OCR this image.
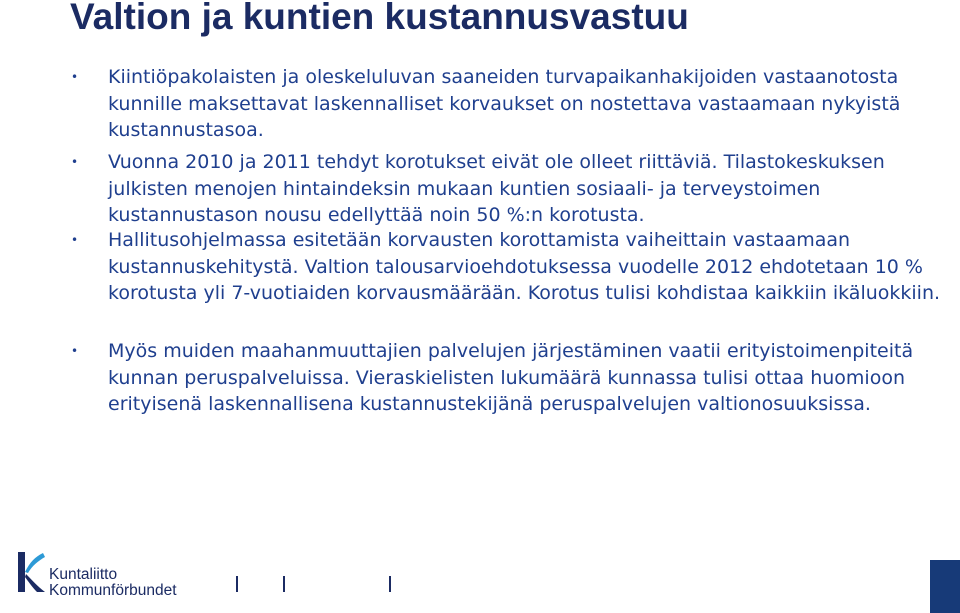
Valtion ja kuntien kustannusvastuu
• Kiintiöpakolaisten ja oleskeluluvan saaneiden turvapaikanhakijoiden vastaanotosta kunnille maksettavat laskennalliset korvaukset on nostettava vastaamaan nykyistä kustannustasoa.
• Vuonna 2010 ja 2011 tehdyt korotukset eivät ole olleet riittäviä. Tilastokeskuksen julkisten menojen hintaindeksin mukaan kuntien sosiaali- ja terveystoimen kustannustason nousu edellyttää noin 50 %:n korotusta.
• Hallitusohjelmassa esitetään korvausten korottamista vaiheittain vastaamaan kustannuskehitystä. Valtion talousarvioehdotuksessa vuodelle 2012 ehdotetaan 10 % korotusta yli 7-vuotiaiden korvausmäärään. Korotus tulisi kohdistaa kaikkiin ikäluokkiin.
• Myös muiden maahanmuuttajien palvelujen järjestäminen vaatii erityistoimenpiteitä kunnan peruspalveluissa. Vieraskielisten lukumäärä kunnassa tulisi ottaa huomioon erityisenä laskennallisena kustannustekijänä peruspalvelujen valtionosuuksissa.
Kuntaliitto
Kommunförbundet
